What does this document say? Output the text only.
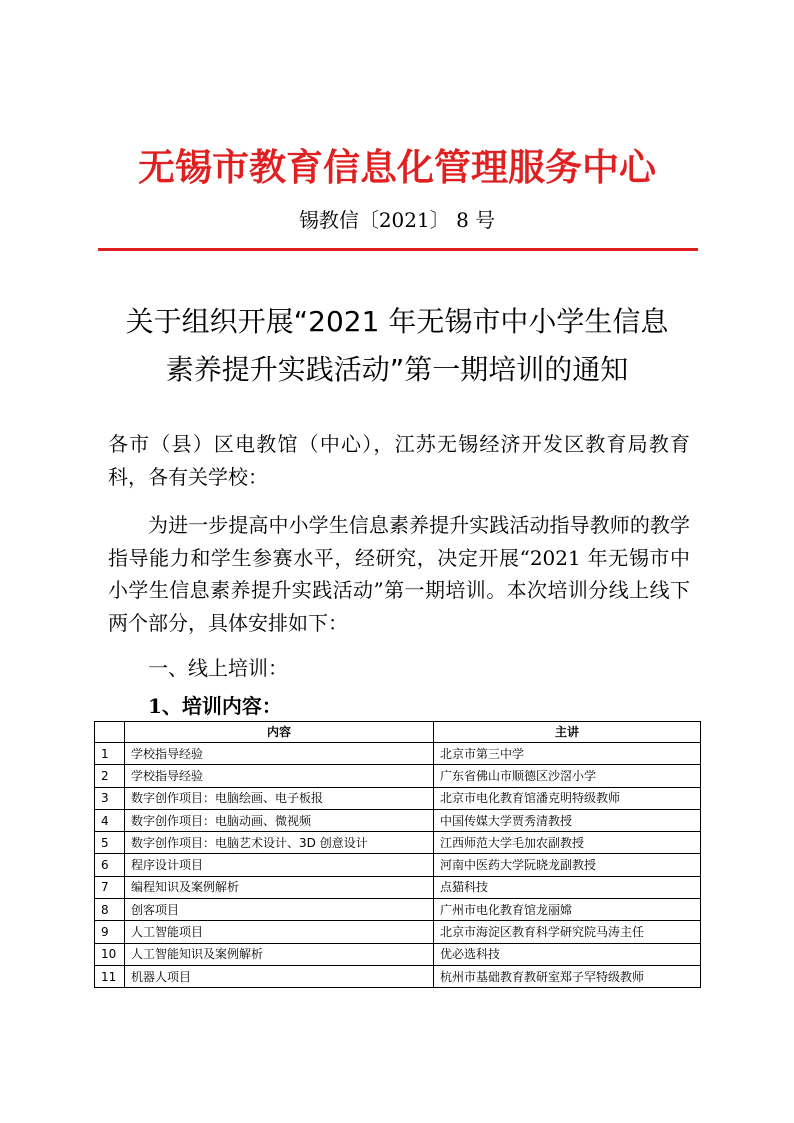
无锡市教育信息化管理服务中心
锡教信〔2021〕 8 号
关于组织开展“2021 年无锡市中小学生信息
素养提升实践活动”第一期培训的通知

各市（县）区电教馆（中心），江苏无锡经济开发区教育局教育科，各有关学校：

为进一步提高中小学生信息素养提升实践活动指导教师的教学指导能力和学生参赛水平，经研究，决定开展“2021 年无锡市中小学生信息素养提升实践活动”第一期培训。本次培训分线上线下两个部分，具体安排如下：

一、线上培训：
1、培训内容：
	内容	主讲
1	学校指导经验	北京市第三中学
2	学校指导经验	广东省佛山市顺德区沙滘小学
3	数字创作项目：电脑绘画、电子板报	北京市电化教育馆潘克明特级教师
4	数字创作项目：电脑动画、微视频	中国传媒大学贾秀清教授
5	数字创作项目：电脑艺术设计、3D 创意设计	江西师范大学毛加农副教授
6	程序设计项目	河南中医药大学阮晓龙副教授
7	编程知识及案例解析	点猫科技
8	创客项目	广州市电化教育馆龙丽嫦
9	人工智能项目	北京市海淀区教育科学研究院马涛主任
10	人工智能知识及案例解析	优必选科技
11	机器人项目	杭州市基础教育教研室郑子罕特级教师
